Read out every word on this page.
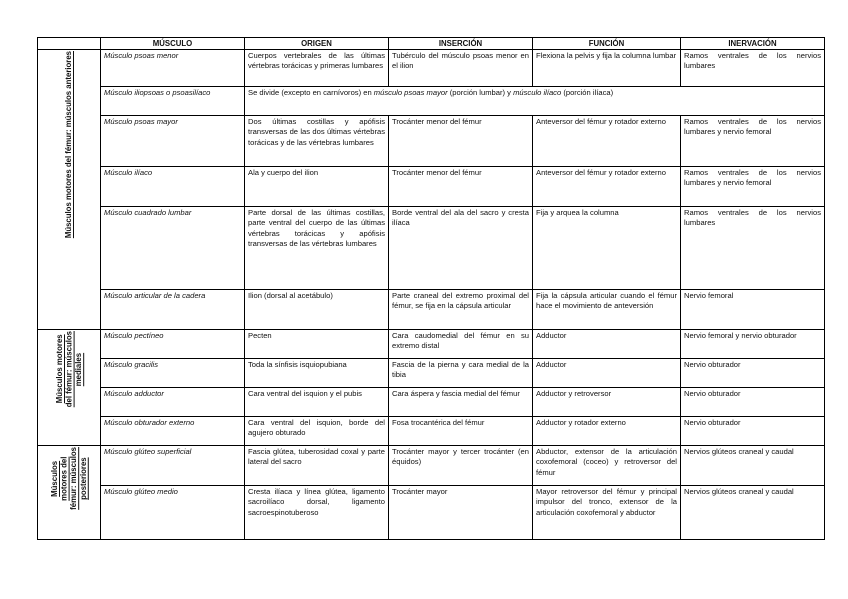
	MÚSCULO	ORIGEN	INSERCIÓN	FUNCIÓN	INERVACIÓN

Músculos motores del fémur: músculos anteriores	Músculo psoas menor	Cuerpos vertebrales de las últimas vértebras torácicas y primeras lumbares	Tubérculo del músculo psoas menor en el ilion	Flexiona la pelvis y fija la columna lumbar	Ramos ventrales de los nervios lumbares
	Músculo iliopsoas o psoasilíaco	Se divide (excepto en carnívoros) en músculo psoas mayor (porción lumbar) y músculo ilíaco (porción ilíaca)			
	Músculo psoas mayor	Dos últimas costillas y apófisis transversas de las dos últimas vértebras torácicas y de las vértebras lumbares	Trocánter menor del fémur	Anteversor del fémur y rotador externo	Ramos ventrales de los nervios lumbares y nervio femoral
	Músculo ilíaco	Ala y cuerpo del ilion	Trocánter menor del fémur	Anteversor del fémur y rotador externo	Ramos ventrales de los nervios lumbares y nervio femoral
	Músculo cuadrado lumbar	Parte dorsal de las últimas costillas, parte ventral del cuerpo de las últimas vértebras torácicas y apófisis transversas de las vértebras lumbares	Borde ventral del ala del sacro y cresta ilíaca	Fija y arquea la columna	Ramos ventrales de los nervios lumbares
	Músculo articular de la cadera	Ilion (dorsal al acetábulo)	Parte craneal del extremo proximal del fémur, se fija en la cápsula articular	Fija la cápsula articular cuando el fémur hace el movimiento de anteversión	Nervio femoral

Músculos motores
del fémur: músculos
mediales	Músculo pectíneo	Pecten	Cara caudomedial del fémur en su extremo distal	Adductor	Nervio femoral y nervio obturador
	Músculo gracilis	Toda la sínfisis isquiopubiana	Fascia de la pierna y cara medial de la tibia	Adductor	Nervio obturador
	Músculo adductor	Cara ventral del isquion y el pubis	Cara áspera y fascia medial del fémur	Adductor y retroversor	Nervio obturador
	Músculo obturador externo	Cara ventral del isquion, borde del agujero obturado	Fosa trocantérica del fémur	Adductor y rotador externo	Nervio obturador

Músculos
motores del
fémur: músculos
posteriores	Músculo glúteo superficial	Fascia glútea, tuberosidad coxal y parte lateral del sacro	Trocánter mayor y tercer trocánter (en équidos)	Abductor, extensor de la articulación coxofemoral (coceo) y retroversor del fémur	Nervios glúteos craneal y caudal
	Músculo glúteo medio	Cresta ilíaca y línea glútea, ligamento sacroilíaco dorsal, ligamento sacroespinotuberoso	Trocánter mayor	Mayor retroversor del fémur y principal impulsor del tronco, extensor de la articulación coxofemoral y abductor	Nervios glúteos craneal y caudal
